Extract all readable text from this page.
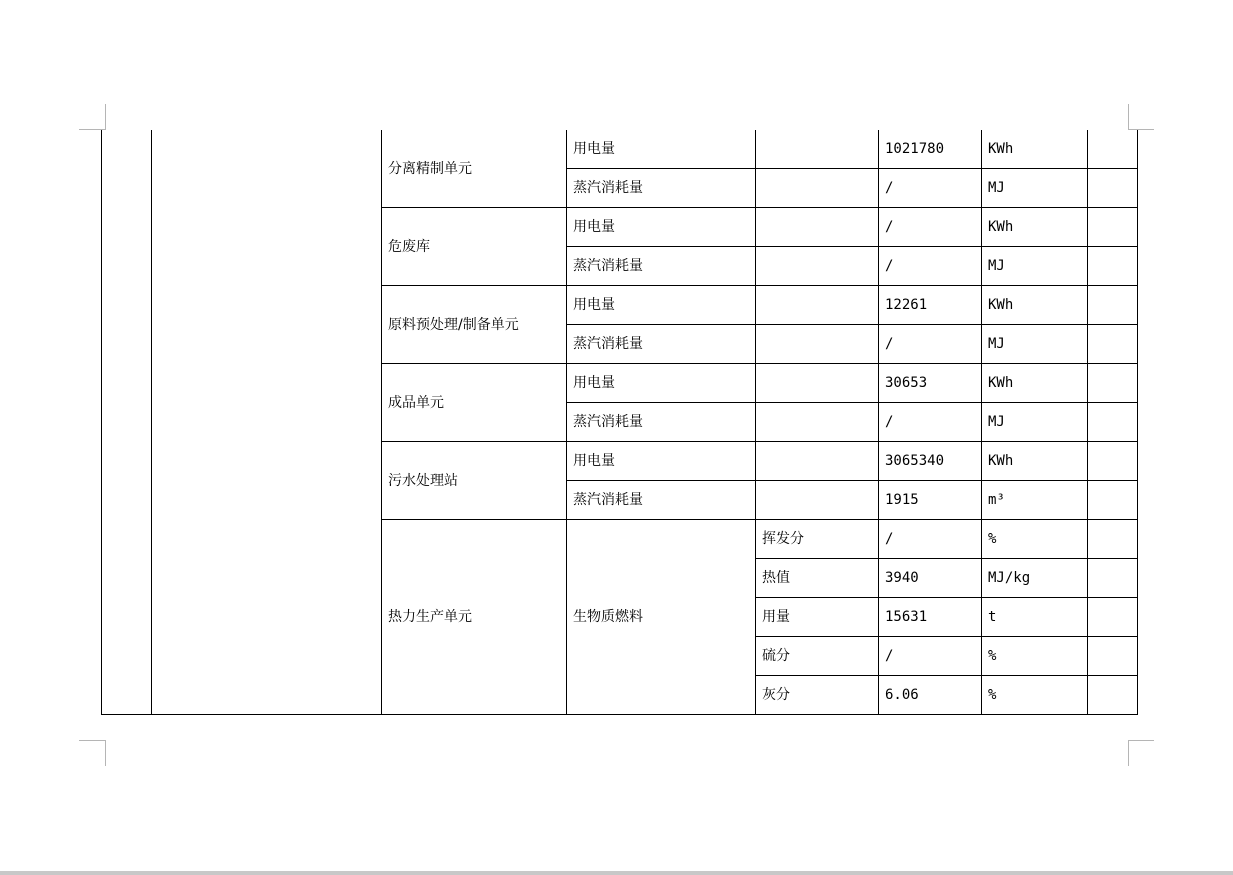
		分离精制单元	用电量		1021780	KWh	
			蒸汽消耗量		/	MJ	
		危废库	用电量		/	KWh	
			蒸汽消耗量		/	MJ	
		原料预处理/制备单元	用电量		12261	KWh	
			蒸汽消耗量		/	MJ	
		成品单元	用电量		30653	KWh	
			蒸汽消耗量		/	MJ	
		污水处理站	用电量		3065340	KWh	
			蒸汽消耗量		1915	m³	
		热力生产单元	生物质燃料	挥发分	/	%	
				热值	3940	MJ/kg	
				用量	15631	t	
				硫分	/	%	
				灰分	6.06	%	
